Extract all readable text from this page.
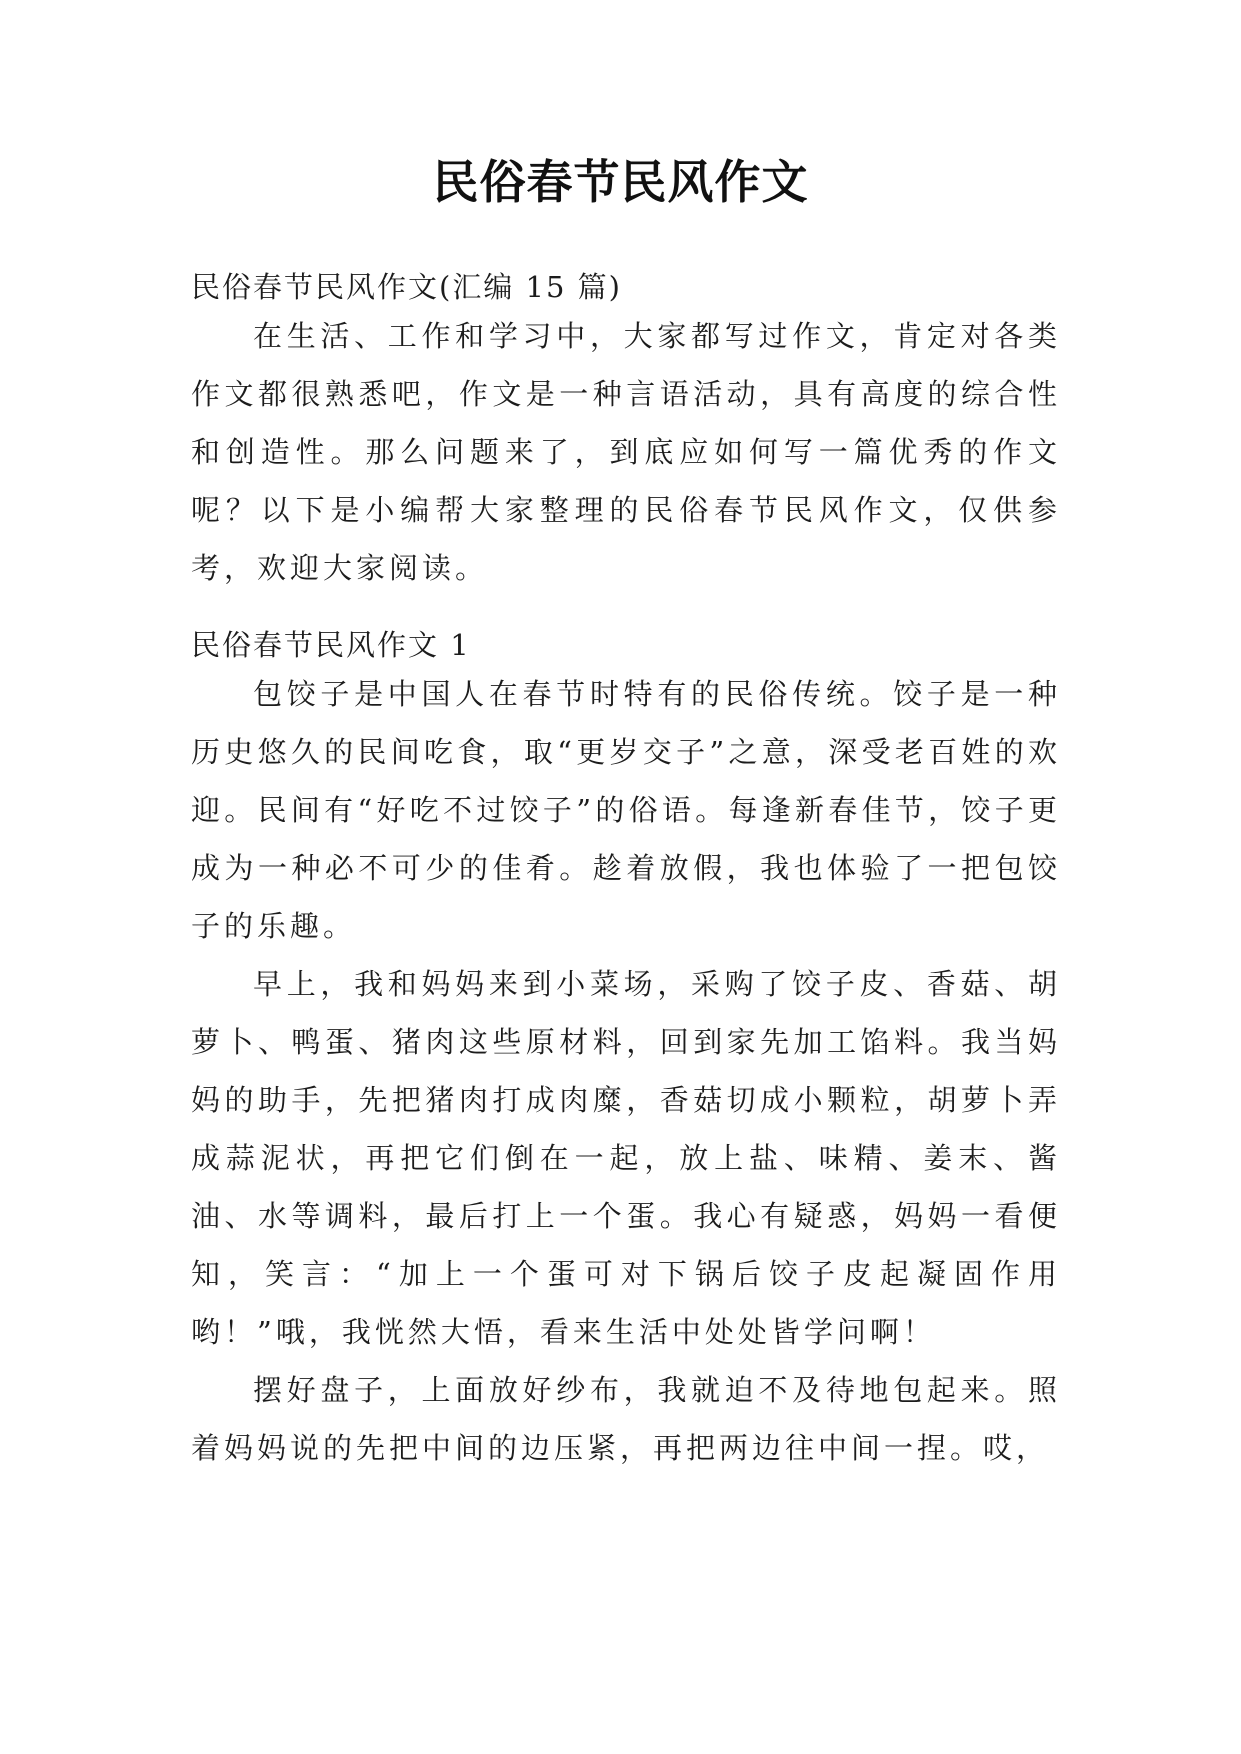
民俗春节民风作文
民俗春节民风作文(汇编 15 篇)

在生活、工作和学习中，大家都写过作文，肯定对各类作文都很熟悉吧，作文是一种言语活动，具有高度的综合性和创造性。那么问题来了，到底应如何写一篇优秀的作文呢？以下是小编帮大家整理的民俗春节民风作文，仅供参考，欢迎大家阅读。

民俗春节民风作文 1

包饺子是中国人在春节时特有的民俗传统。饺子是一种历史悠久的民间吃食，取“更岁交子”之意，深受老百姓的欢迎。民间有“好吃不过饺子”的俗语。每逢新春佳节，饺子更成为一种必不可少的佳肴。趁着放假，我也体验了一把包饺子的乐趣。

早上，我和妈妈来到小菜场，采购了饺子皮、香菇、胡萝卜、鸭蛋、猪肉这些原材料，回到家先加工馅料。我当妈妈的助手，先把猪肉打成肉糜，香菇切成小颗粒，胡萝卜弄成蒜泥状，再把它们倒在一起，放上盐、味精、姜末、酱油、水等调料，最后打上一个蛋。我心有疑惑，妈妈一看便知，笑言：“加上一个蛋可对下锅后饺子皮起凝固作用哟！”哦，我恍然大悟，看来生活中处处皆学问啊！

摆好盘子，上面放好纱布，我就迫不及待地包起来。照着妈妈说的先把中间的边压紧，再把两边往中间一捏。哎，
